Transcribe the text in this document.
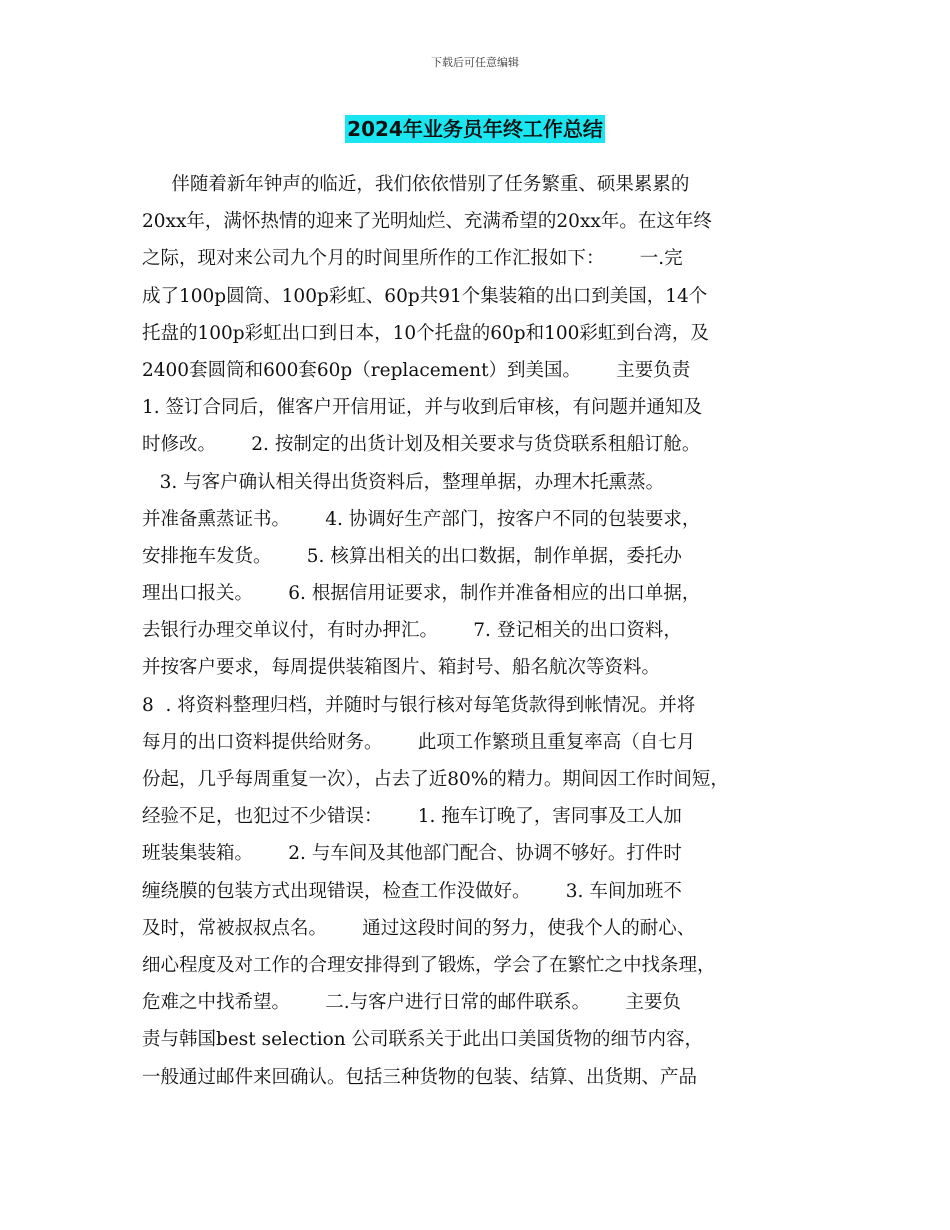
下载后可任意编辑
2024年业务员年终工作总结
伴随着新年钟声的临近，我们依依惜别了任务繁重、硕果累累的
20xx年，满怀热情的迎来了光明灿烂、充满希望的20xx年。在这年终
之际，现对来公司九个月的时间里所作的工作汇报如下：      一.完
成了100p圆筒、100p彩虹、60p共91个集装箱的出口到美国，14个
托盘的100p彩虹出口到日本，10个托盘的60p和100彩虹到台湾，及
2400套圆筒和600套60p（replacement）到美国。      主要负责
1. 签订合同后，催客户开信用证，并与收到后审核，有问题并通知及
时修改。      2. 按制定的出货计划及相关要求与货贷联系租船订舱。
3. 与客户确认相关得出货资料后，整理单据，办理木托熏蒸。
并准备熏蒸证书。      4. 协调好生产部门，按客户不同的包装要求，
安排拖车发货。      5. 核算出相关的出口数据，制作单据，委托办
理出口报关。      6. 根据信用证要求，制作并准备相应的出口单据，
去银行办理交单议付，有时办押汇。      7. 登记相关的出口资料，
并按客户要求，每周提供装箱图片、箱封号、船名航次等资料。
8  . 将资料整理归档，并随时与银行核对每笔货款得到帐情况。并将
每月的出口资料提供给财务。      此项工作繁琐且重复率高（自七月
份起，几乎每周重复一次），占去了近80%的精力。期间因工作时间短，
经验不足，也犯过不少错误：      1. 拖车订晚了，害同事及工人加
班装集装箱。      2. 与车间及其他部门配合、协调不够好。打件时
缠绕膜的包装方式出现错误，检查工作没做好。      3. 车间加班不
及时，常被叔叔点名。      通过这段时间的努力，使我个人的耐心、
细心程度及对工作的合理安排得到了锻炼，学会了在繁忙之中找条理，
危难之中找希望。      二.与客户进行日常的邮件联系。      主要负
责与韩国best selection 公司联系关于此出口美国货物的细节内容，
一般通过邮件来回确认。包括三种货物的包装、结算、出货期、产品
